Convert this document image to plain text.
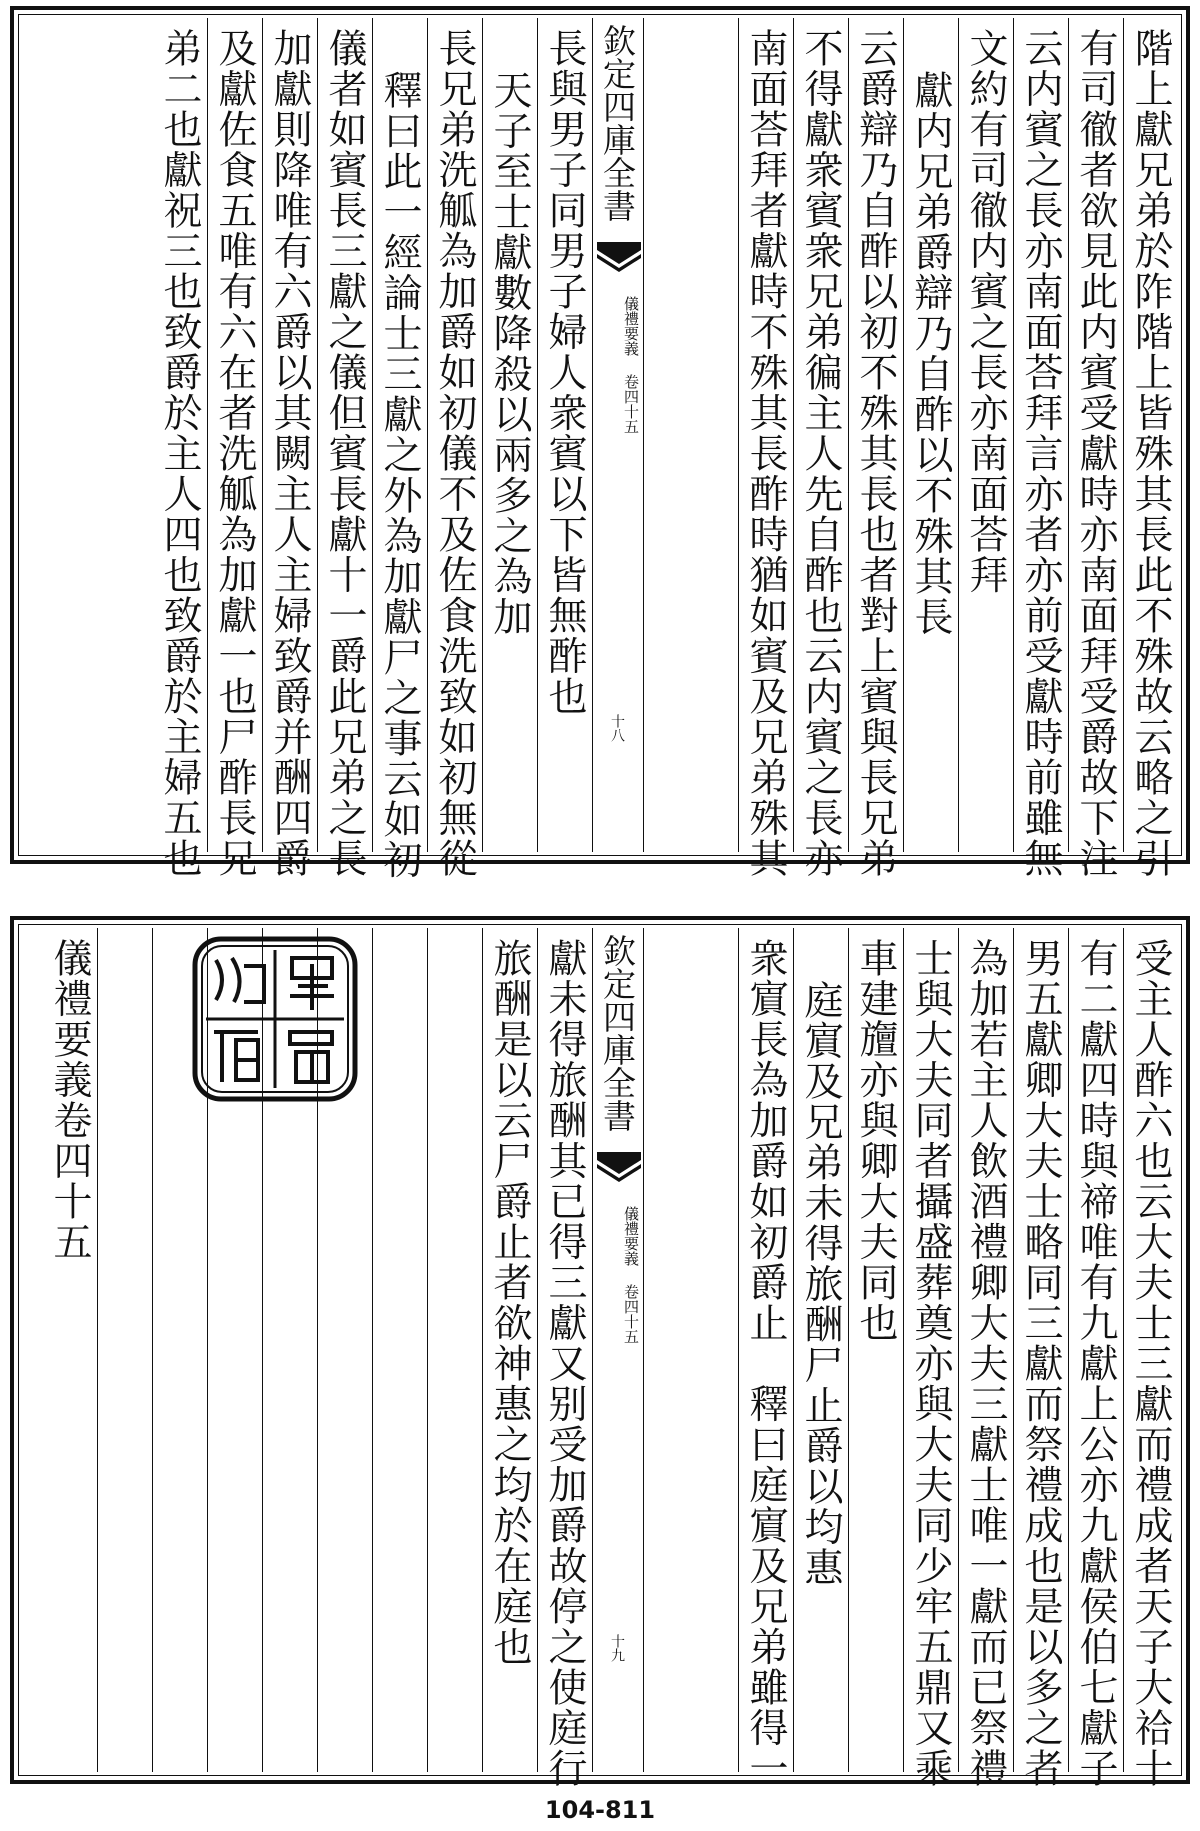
階上獻兄弟於阼階上皆殊其長此不殊故云略之引
有司徹者欲見此内賓受獻時亦南面拜受爵故下注
云内賓之長亦南面荅拜言亦者亦前受獻時前雖無
文約有司徹内賓之長亦南面荅拜
獻内兄弟爵辯乃自酢以不殊其長
云爵辯乃自酢以初不殊其長也者對上賓與長兄弟
不得獻衆賓衆兄弟徧主人先自酢也云内賓之長亦
南面荅拜者獻時不殊其長酢時猶如賓及兄弟殊其
欽定四庫全書
儀禮要義 卷四十五
十八
長與男子同男子婦人衆賓以下皆無酢也
天子至士獻數降殺以兩多之為加
長兄弟洗觚為加爵如初儀不及佐食洗致如初無從
釋曰此一經論士三獻之外為加獻尸之事云如初
儀者如賓長三獻之儀但賓長獻十一爵此兄弟之長
加獻則降唯有六爵以其闕主人主婦致爵并酬四爵
及獻佐食五唯有六在者洗觚為加獻一也尸酢長兄
弟二也獻祝三也致爵於主人四也致爵於主婦五也
受主人酢六也云大夫士三獻而禮成者天子大祫十
有二獻四時與禘唯有九獻上公亦九獻侯伯七獻子
男五獻卿大夫士略同三獻而祭禮成也是以多之者
為加若主人飲酒禮卿大夫三獻士唯一獻而已祭禮
士與大夫同者攝盛葬奠亦與大夫同少牢五鼎又乘
車建旜亦與卿大夫同也
庭賔及兄弟未得旅酬尸止爵以均惠
衆賔長為加爵如初爵止　釋曰庭賔及兄弟雖得一
欽定四庫全書
儀禮要義 卷四十五
十九
獻未得旅酬其已得三獻又别受加爵故停之使庭行
旅酬是以云尸爵止者欲神惠之均於在庭也
儀禮要義卷四十五
104-811
